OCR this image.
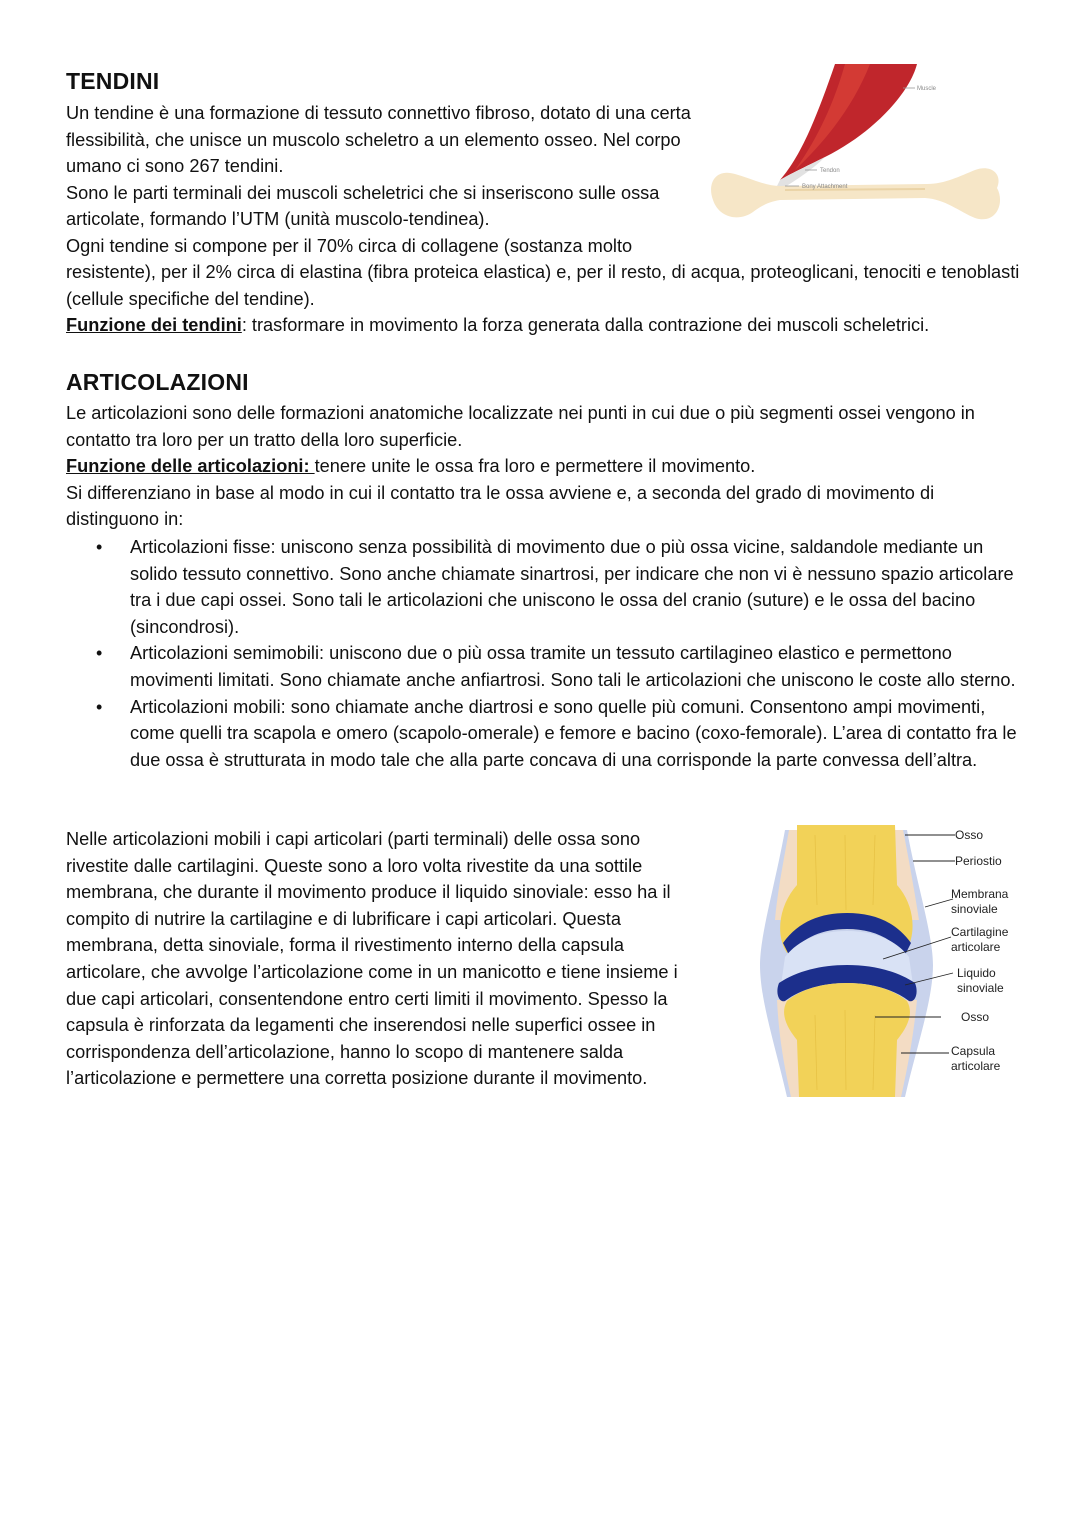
TENDINI

Un tendine è una formazione di tessuto connettivo fibroso, dotato di una certa flessibilità, che unisce un muscolo scheletro a un elemento osseo. Nel corpo umano ci sono 267 tendini.
Sono le parti terminali dei muscoli scheletrici che si inseriscono sulle ossa articolate, formando l’UTM (unità muscolo-tendinea).
Ogni tendine si compone per il 70% circa di collagene (sostanza molto

resistente), per il 2% circa di elastina (fibra proteica elastica) e, per il resto, di acqua, proteoglicani, tenociti e tenoblasti (cellule specifiche del tendine).
Funzione dei tendini: trasformare in movimento la forza generata dalla contrazione dei muscoli scheletrici.

Muscle
Tendon
Bony Attachment
ARTICOLAZIONI

Le articolazioni sono delle formazioni anatomiche localizzate nei punti in cui due o più segmenti ossei vengono in contatto tra loro per un tratto della loro superficie.
Funzione delle articolazioni: tenere unite le ossa fra loro e permettere il movimento.
Si differenziano in base al modo in cui il contatto tra le ossa avviene e, a seconda del grado di movimento di distinguono in:

• Articolazioni fisse: uniscono senza possibilità di movimento due o più ossa vicine, saldandole mediante un solido tessuto connettivo. Sono anche chiamate sinartrosi, per indicare che non vi è nessuno spazio articolare tra i due capi ossei. Sono tali le articolazioni che uniscono le ossa del cranio (suture) e le ossa del bacino (sincondrosi).
• Articolazioni semimobili: uniscono due o più ossa tramite un tessuto cartilagineo elastico e permettono movimenti limitati. Sono chiamate anche anfiartrosi. Sono tali le articolazioni che uniscono le coste allo sterno.
• Articolazioni mobili: sono chiamate anche diartrosi e sono quelle più comuni. Consentono ampi movimenti, come quelli tra scapola e omero (scapolo-omerale) e femore e bacino (coxo-femorale). L’area di contatto fra le due ossa è strutturata in modo tale che alla parte concava di una corrisponde la parte convessa dell’altra.

Nelle articolazioni mobili i capi articolari (parti terminali) delle ossa sono rivestite dalle cartilagini. Queste sono a loro volta rivestite da una sottile membrana, che durante il movimento produce il liquido sinoviale: esso ha il compito di nutrire la cartilagine e di lubrificare i capi articolari. Questa membrana, detta sinoviale, forma il rivestimento interno della capsula articolare, che avvolge l’articolazione come in un manicotto e tiene insieme i due capi articolari, consentendone entro certi limiti il movimento. Spesso la capsula è rinforzata da legamenti che inserendosi nelle superfici ossee in corrispondenza dell’articolazione, hanno lo scopo di mantenere salda l’articolazione e permettere una corretta posizione durante il movimento.

Osso
Periostio
Membrana
sinoviale
Cartilagine
articolare
Liquido
sinoviale
Osso
Capsula
articolare
